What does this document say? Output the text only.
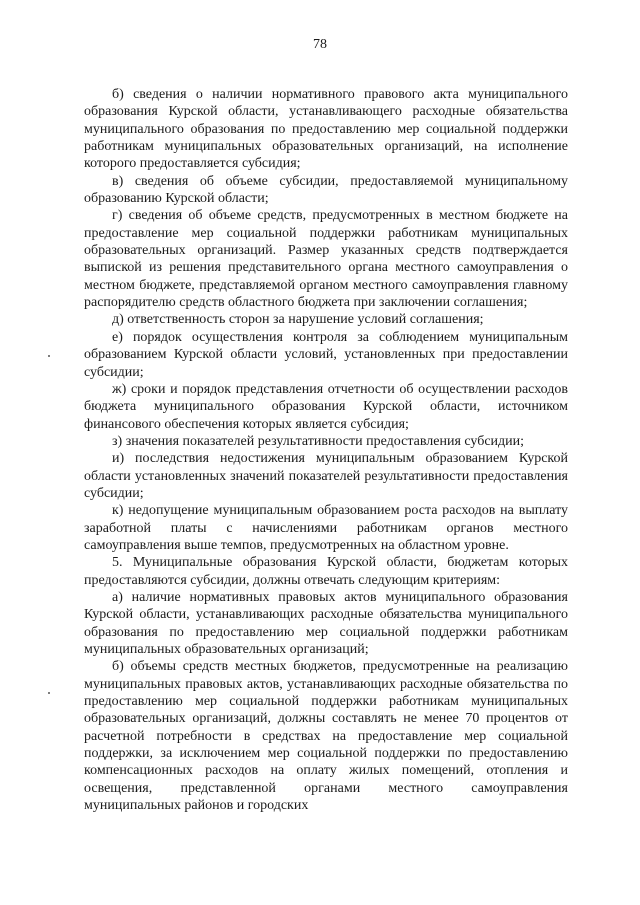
78

б) сведения о наличии нормативного правового акта муниципального образования Курской области, устанавливающего расходные обязательства муниципального образования по предоставлению мер социальной поддержки работникам муниципальных образовательных организаций, на исполнение которого предоставляется субсидия;

в) сведения об объеме субсидии, предоставляемой муниципальному образованию Курской области;

г) сведения об объеме средств, предусмотренных в местном бюджете на предоставление мер социальной поддержки работникам муниципальных образовательных организаций. Размер указанных средств подтверждается выпиской из решения представительного органа местного самоуправления о местном бюджете, представляемой органом местного самоуправления главному распорядителю средств областного бюджета при заключении соглашения;

д) ответственность сторон за нарушение условий соглашения;

е) порядок осуществления контроля за соблюдением муниципальным образованием Курской области условий, установленных при предоставлении субсидии;

ж) сроки и порядок представления отчетности об осуществлении расходов бюджета муниципального образования Курской области, источником финансового обеспечения которых является субсидия;

з) значения показателей результативности предоставления субсидии;

и) последствия недостижения муниципальным образованием Курской области установленных значений показателей результативности предоставления субсидии;

к) недопущение муниципальным образованием роста расходов на выплату заработной платы с начислениями работникам органов местного самоуправления выше темпов, предусмотренных на областном уровне.

5. Муниципальные образования Курской области, бюджетам которых предоставляются субсидии, должны отвечать следующим критериям:

а) наличие нормативных правовых актов муниципального образования Курской области, устанавливающих расходные обязательства муниципального образования по предоставлению мер социальной поддержки работникам муниципальных образовательных организаций;

б) объемы средств местных бюджетов, предусмотренные на реализацию муниципальных правовых актов, устанавливающих расходные обязательства по предоставлению мер социальной поддержки работникам муниципальных образовательных организаций, должны составлять не менее 70 процентов от расчетной потребности в средствах на предоставление мер социальной поддержки, за исключением мер социальной поддержки по предоставлению компенсационных расходов на оплату жилых помещений, отопления и освещения, представленной органами местного самоуправления муниципальных районов и городских
